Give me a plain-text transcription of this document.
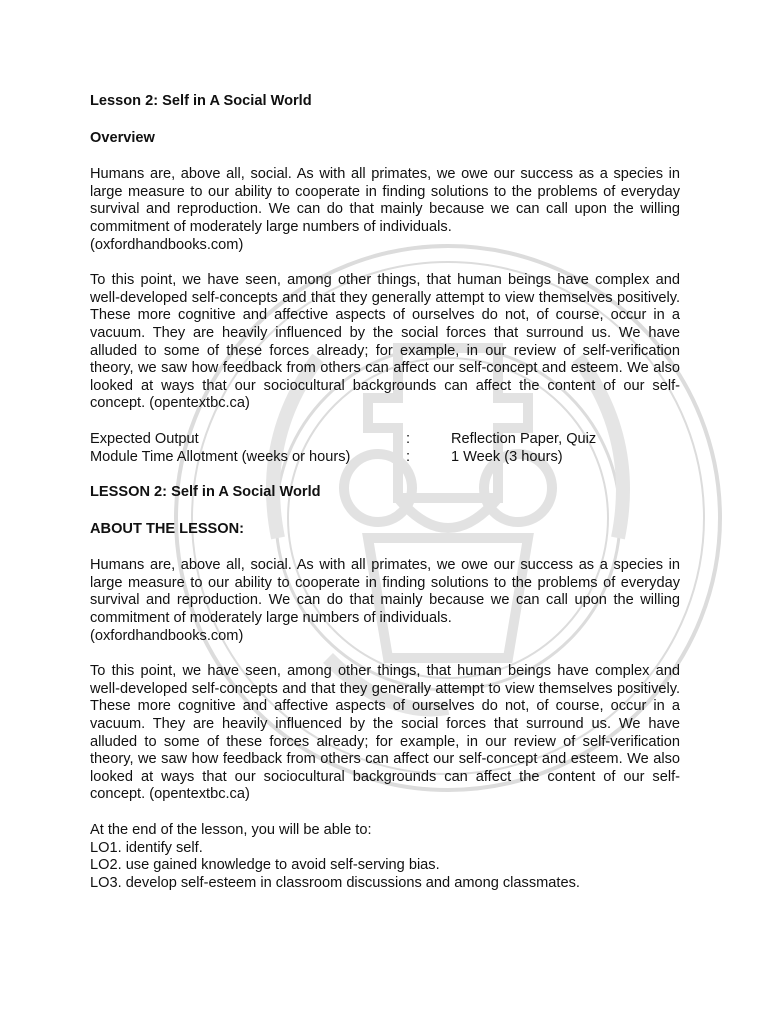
Lesson 2: Self in A Social World

Overview

Humans are, above all, social. As with all primates, we owe our success as a species in large measure to our ability to cooperate in finding solutions to the problems of everyday survival and reproduction. We can do that mainly because we can call upon the willing commitment of moderately large numbers of individuals.

(oxfordhandbooks.com)

To this point, we have seen, among other things, that human beings have complex and well-developed self-concepts and that they generally attempt to view themselves positively. These more cognitive and affective aspects of ourselves do not, of course, occur in a vacuum. They are heavily influenced by the social forces that surround us. We have alluded to some of these forces already; for example, in our review of self-verification theory, we saw how feedback from others can affect our self-concept and esteem. We also looked at ways that our sociocultural backgrounds can affect the content of our self-concept. (opentextbc.ca)

Expected Output	:	Reflection Paper, Quiz
Module Time Allotment (weeks or hours)	:	1 Week (3 hours)

LESSON 2: Self in A Social World

ABOUT THE LESSON:

Humans are, above all, social. As with all primates, we owe our success as a species in large measure to our ability to cooperate in finding solutions to the problems of everyday survival and reproduction. We can do that mainly because we can call upon the willing commitment of moderately large numbers of individuals.

(oxfordhandbooks.com)

To this point, we have seen, among other things, that human beings have complex and well-developed self-concepts and that they generally attempt to view themselves positively. These more cognitive and affective aspects of ourselves do not, of course, occur in a vacuum. They are heavily influenced by the social forces that surround us. We have alluded to some of these forces already; for example, in our review of self-verification theory, we saw how feedback from others can affect our self-concept and esteem. We also looked at ways that our sociocultural backgrounds can affect the content of our self-concept. (opentextbc.ca)

At the end of the lesson, you will be able to:

LO1. identify self.

LO2. use gained knowledge to avoid self-serving bias.

LO3. develop self-esteem in classroom discussions and among classmates.
